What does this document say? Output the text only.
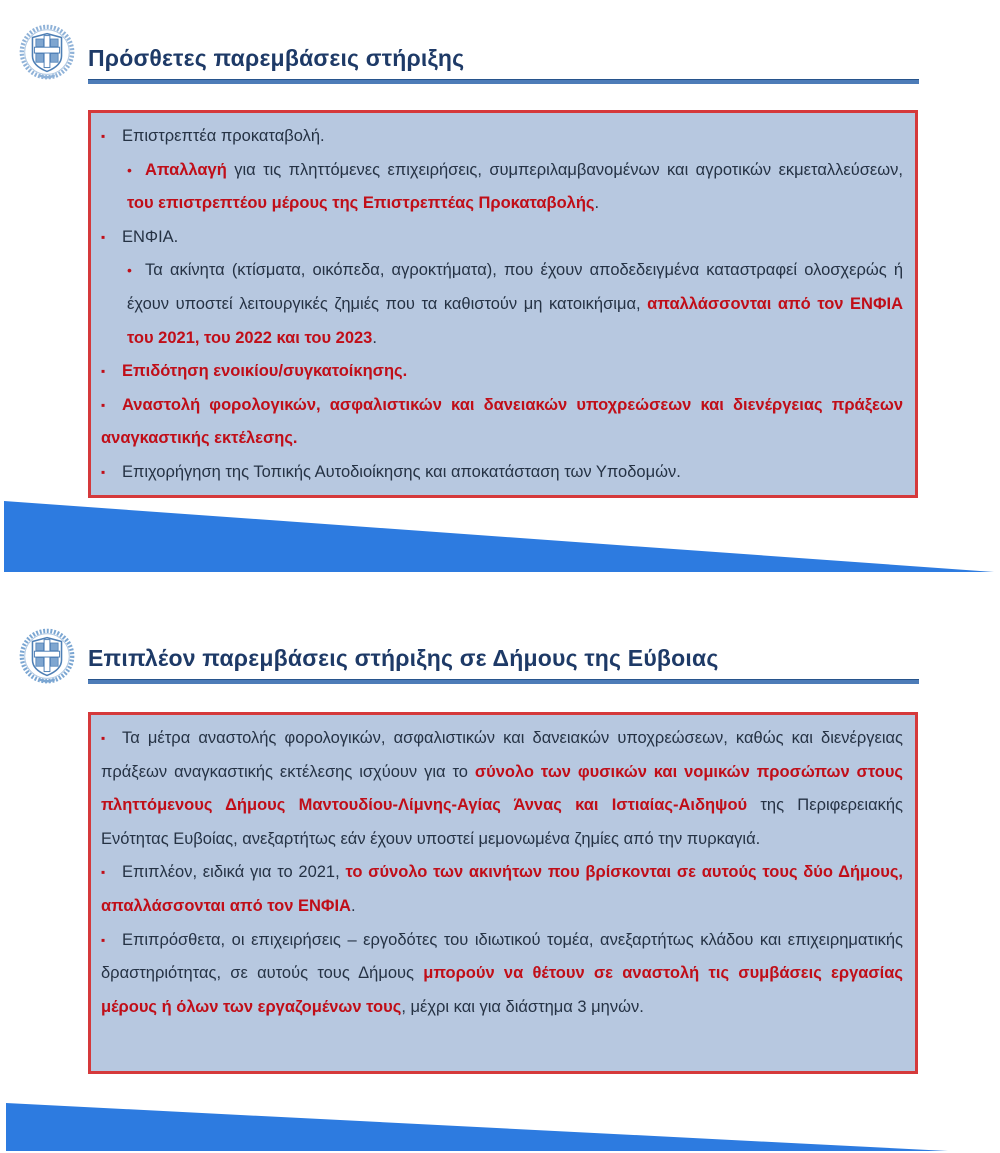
Πρόσθετες παρεμβάσεις στήριξης

▪ Επιστρεπτέα προκαταβολή.

• Απαλλαγή για τις πληττόμενες επιχειρήσεις, συμπεριλαμβανομένων και αγροτικών εκμεταλλεύσεων, του επιστρεπτέου μέρους της Επιστρεπτέας Προκαταβολής.

▪ ΕΝΦΙΑ.

• Τα ακίνητα (κτίσματα, οικόπεδα, αγροκτήματα), που έχουν αποδεδειγμένα καταστραφεί ολοσχερώς ή έχουν υποστεί λειτουργικές ζημιές που τα καθιστούν μη κατοικήσιμα, απαλλάσσονται από τον ΕΝΦΙΑ του 2021, του 2022 και του 2023.

▪ Επιδότηση ενοικίου/συγκατοίκησης.

▪ Αναστολή φορολογικών, ασφαλιστικών και δανειακών υποχρεώσεων και διενέργειας πράξεων αναγκαστικής εκτέλεσης.

▪ Επιχορήγηση της Τοπικής Αυτοδιοίκησης και αποκατάσταση των Υποδομών.

Επιπλέον παρεμβάσεις στήριξης σε Δήμους της Εύβοιας

▪ Τα μέτρα αναστολής φορολογικών, ασφαλιστικών και δανειακών υποχρεώσεων, καθώς και διενέργειας πράξεων αναγκαστικής εκτέλεσης ισχύουν για το σύνολο των φυσικών και νομικών προσώπων στους πληττόμενους Δήμους Μαντουδίου-Λίμνης-Αγίας Άννας και Ιστιαίας-Αιδηψού της Περιφερειακής Ενότητας Ευβοίας, ανεξαρτήτως εάν έχουν υποστεί μεμονωμένα ζημίες από την πυρκαγιά.

▪ Επιπλέον, ειδικά για το 2021, το σύνολο των ακινήτων που βρίσκονται σε αυτούς τους δύο Δήμους, απαλλάσσονται από τον ΕΝΦΙΑ.

▪ Επιπρόσθετα, οι επιχειρήσεις – εργοδότες του ιδιωτικού τομέα, ανεξαρτήτως κλάδου και επιχειρηματικής δραστηριότητας, σε αυτούς τους Δήμους μπορούν να θέτουν σε αναστολή τις συμβάσεις εργασίας μέρους ή όλων των εργαζομένων τους, μέχρι και για διάστημα 3 μηνών.
